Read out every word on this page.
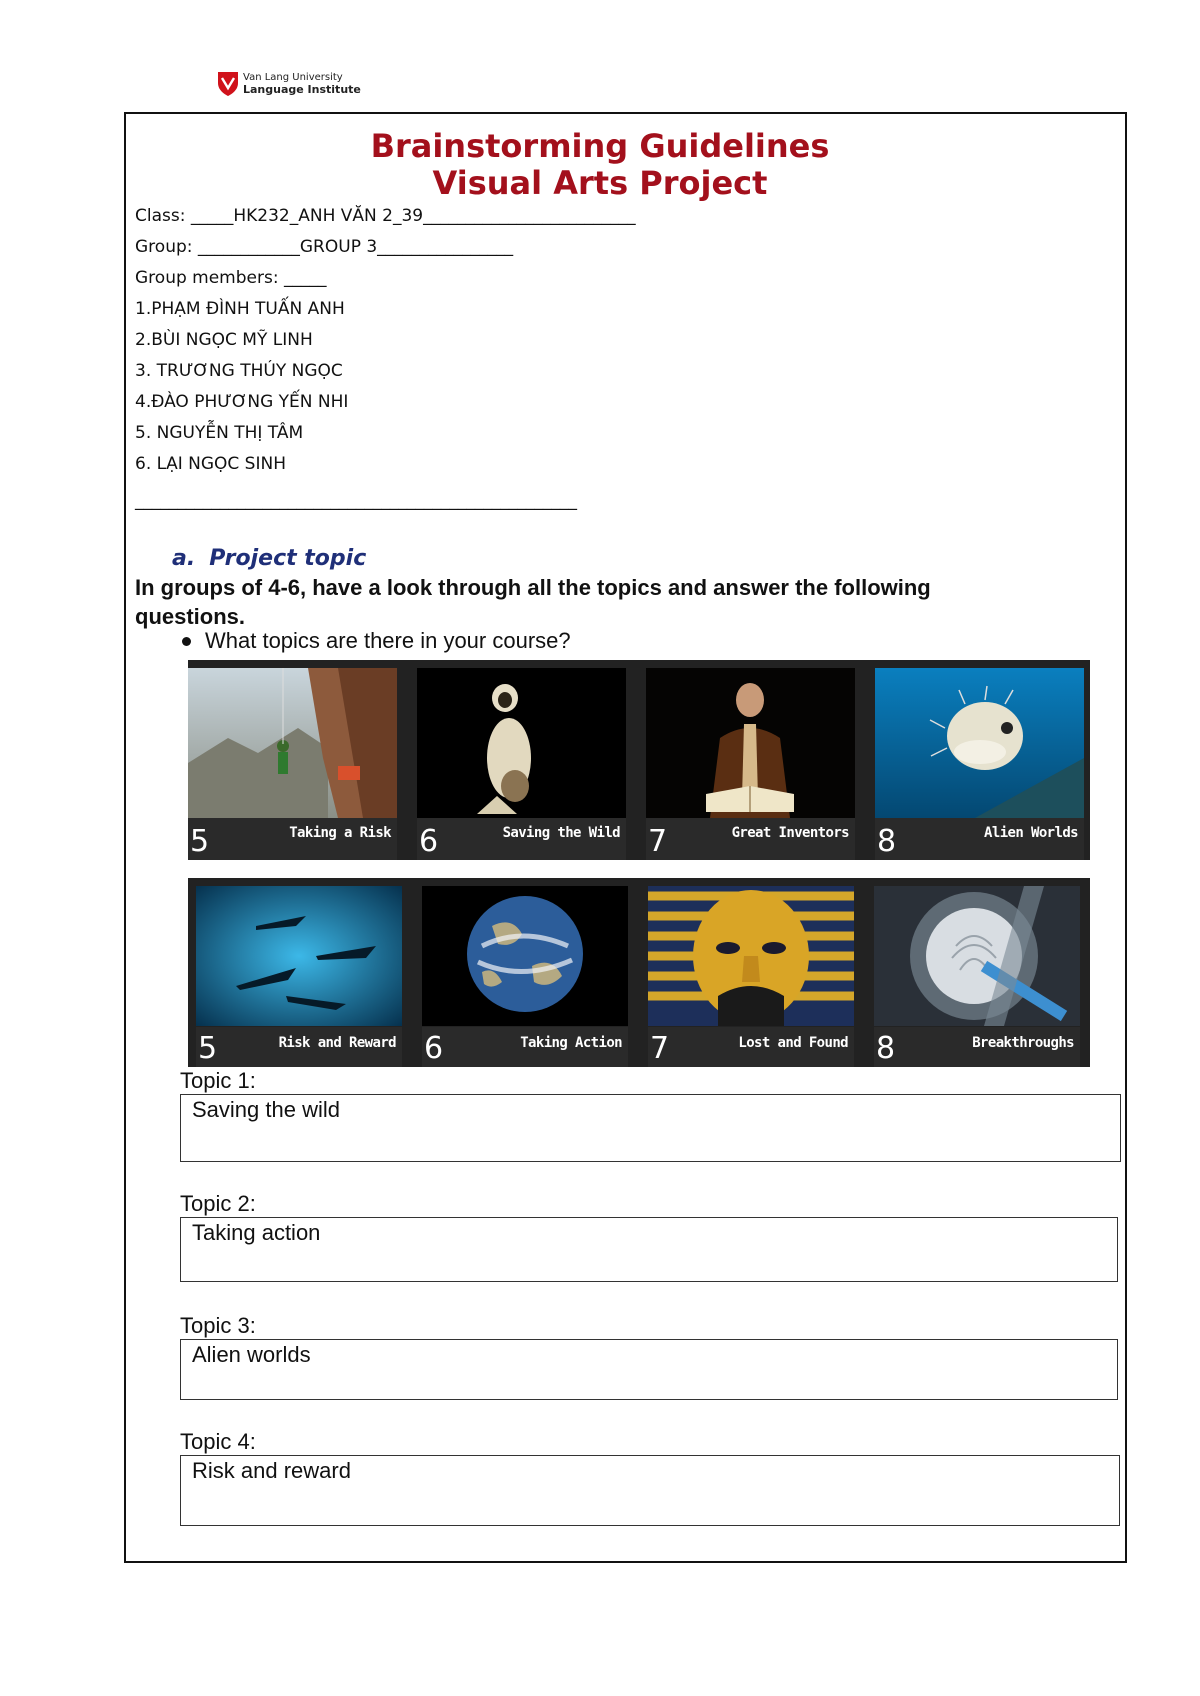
Van Lang University
Language Institute
Brainstorming Guidelines
Visual Arts Project
Class: _____HK232_ANH VĂN 2_39_________________________
Group: ____________GROUP 3________________
Group members: _____
1.PHẠM ĐÌNH TUẤN ANH
2.BÙI NGỌC MỸ LINH
3. TRƯƠNG THÚY NGỌC
4.ĐÀO PHƯƠNG YẾN NHI
5. NGUYỄN THỊ TÂM
6. LẠI NGỌC SINH
____________________________________________________
a. Project topic
In groups of 4-6, have a look through all the topics and answer the following questions.
What topics are there in your course?
5	Taking a Risk 6	Saving the Wild 7	Great Inventors 8	Alien Worlds
5	Risk and Reward 6	Taking Action 7	Lost and Found 8	Breakthroughs
Topic 1:
Saving the wild
Topic 2:
Taking action
Topic 3:
Alien worlds
Topic 4:
Risk and reward
